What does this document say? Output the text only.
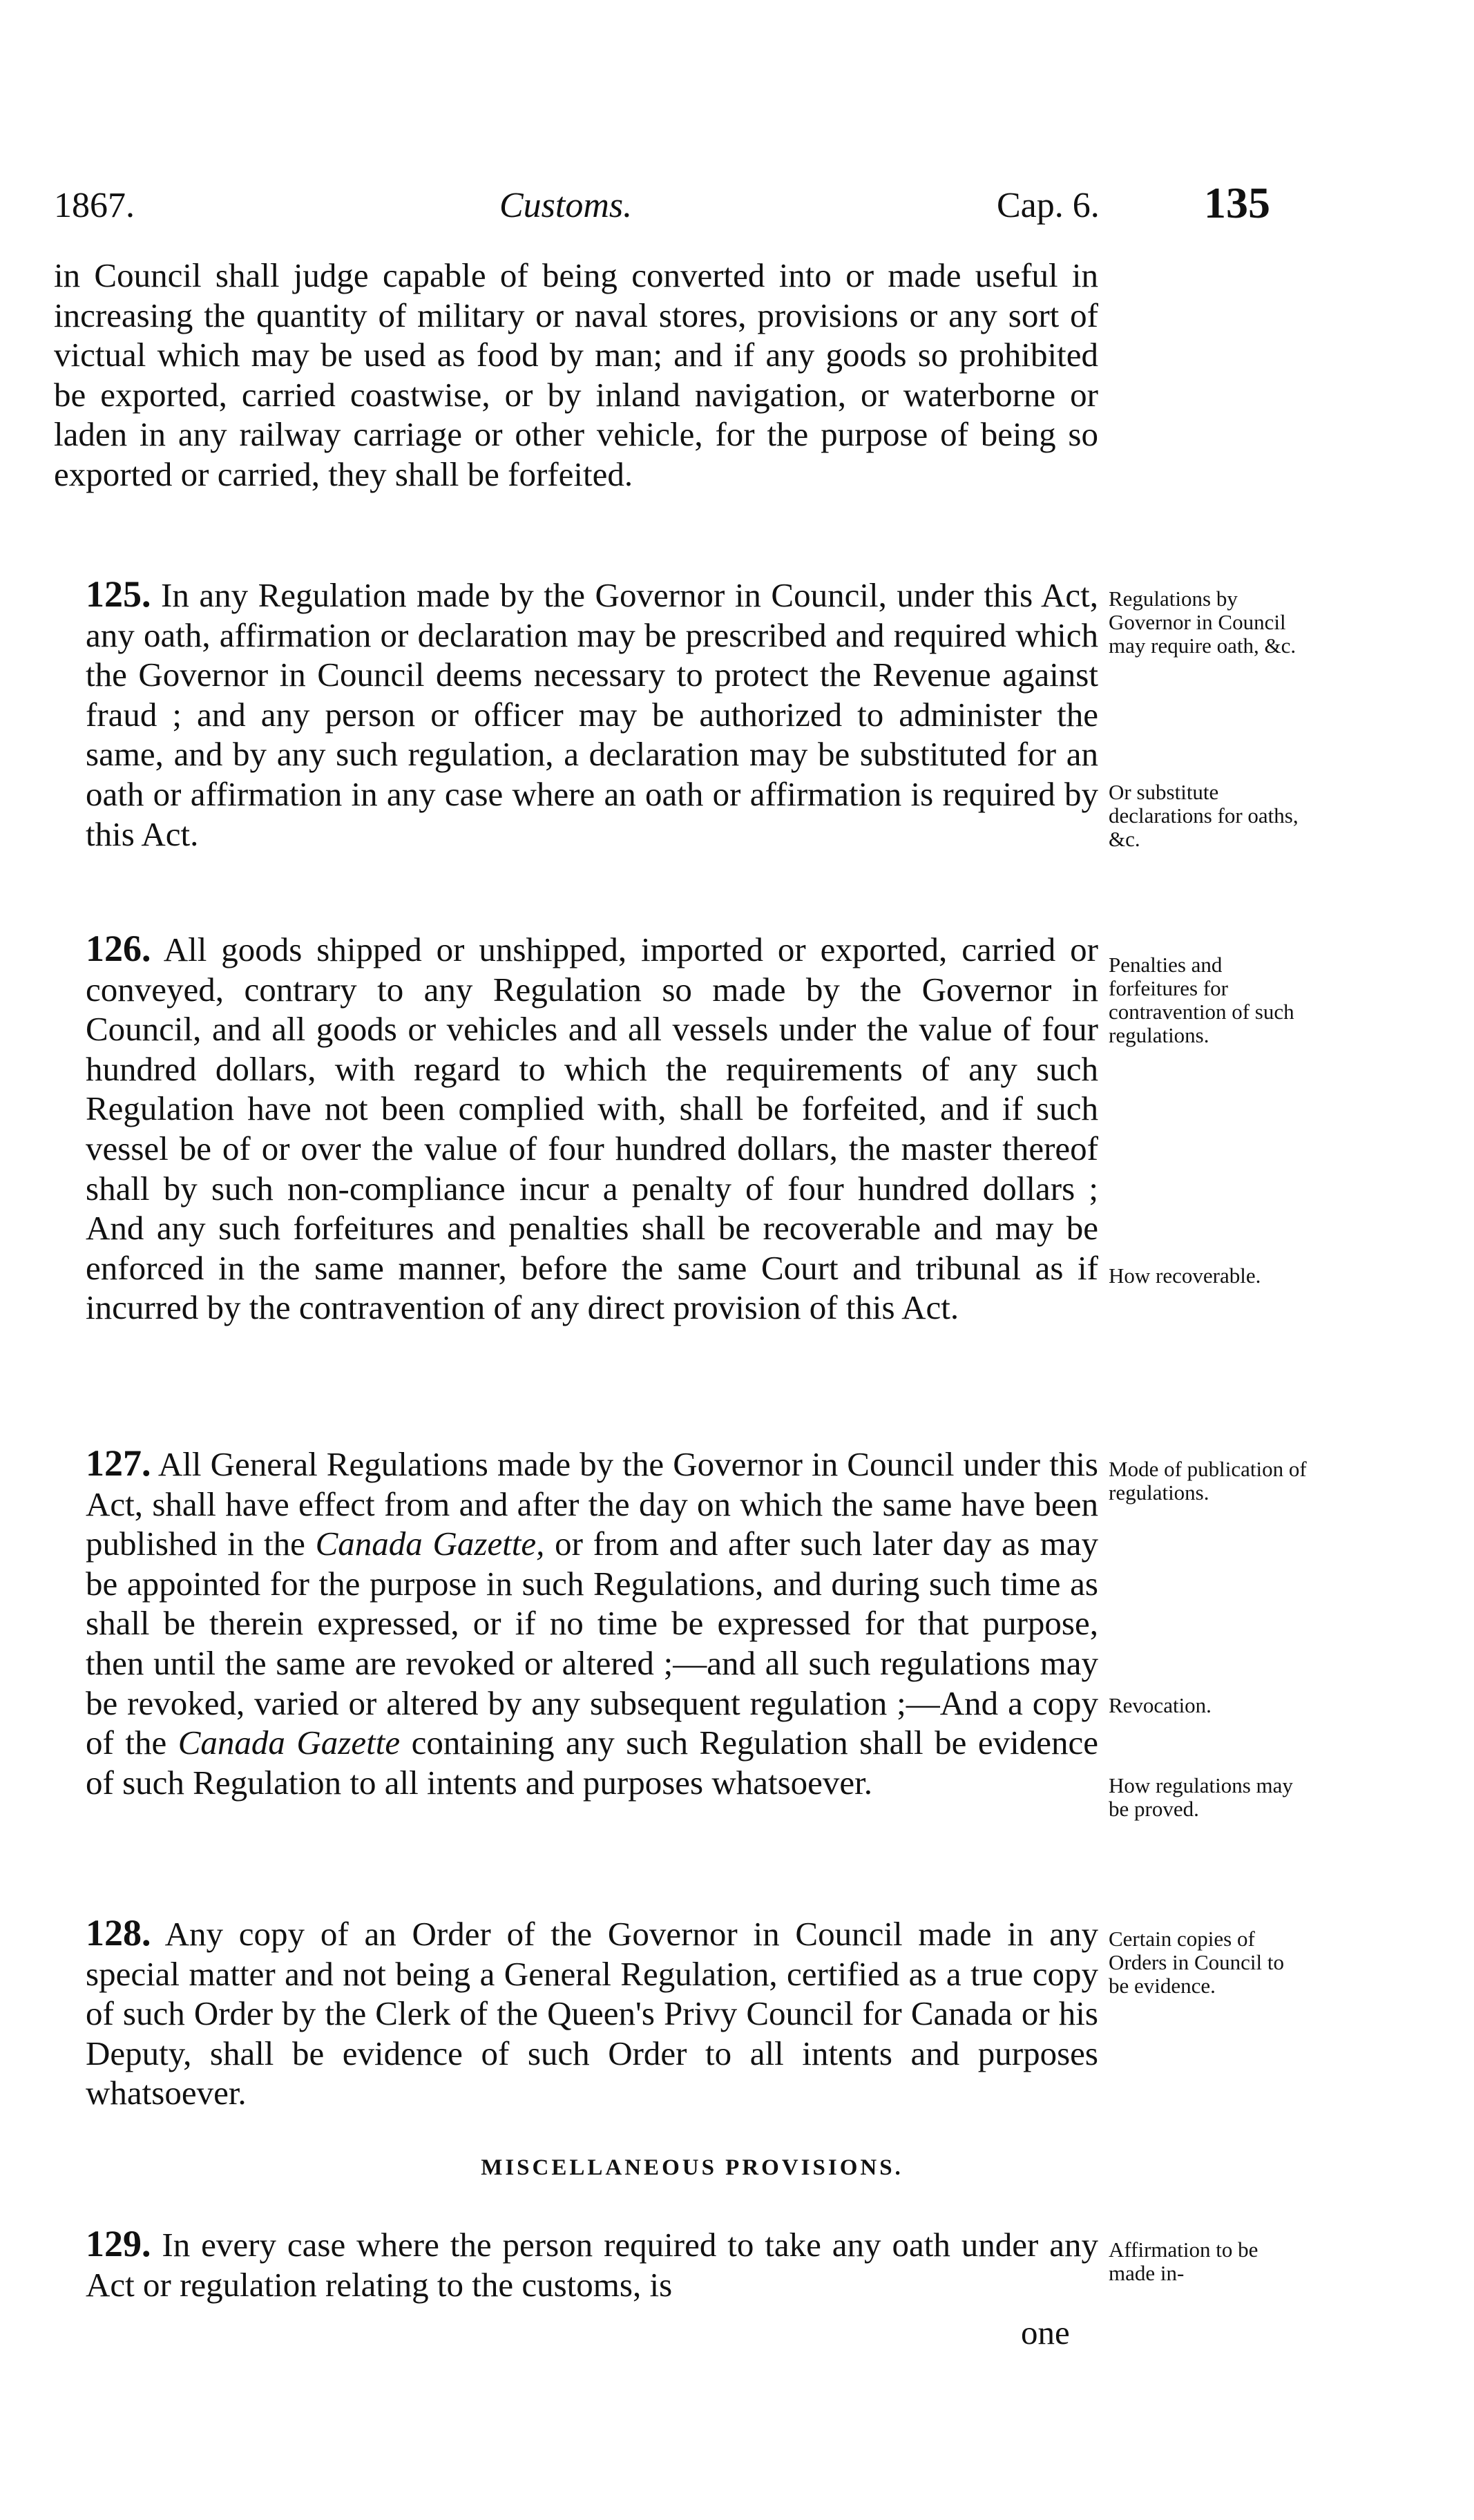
1867.	Customs.	Cap. 6. 135

in Council shall judge capable of being converted into or made useful in increasing the quantity of military or naval stores, provisions or any sort of victual which may be used as food by man; and if any goods so prohibited be exported, carried coastwise, or by inland navigation, or waterborne or laden in any railway carriage or other vehicle, for the purpose of being so exported or carried, they shall be forfeited.

125. In any Regulation made by the Governor in Council, under this Act, any oath, affirmation or declaration may be prescribed and required which the Governor in Council deems necessary to protect the Revenue against fraud ; and any person or officer may be authorized to administer the same, and by any such regulation, a declaration may be substituted for an oath or affirmation in any case where an oath or affirmation is required by this Act.

Regulations by Governor in Council may require oath, &c.

Or substitute declarations for oaths, &c.

126. All goods shipped or unshipped, imported or exported, carried or conveyed, contrary to any Regulation so made by the Governor in Council, and all goods or vehicles and all vessels under the value of four hundred dollars, with regard to which the requirements of any such Regulation have not been complied with, shall be forfeited, and if such vessel be of or over the value of four hundred dollars, the master thereof shall by such non-compliance incur a penalty of four hundred dollars ; And any such forfeitures and penalties shall be recoverable and may be enforced in the same manner, before the same Court and tribunal as if incurred by the contravention of any direct provision of this Act.

Penalties and forfeitures for contravention of such regulations.

How recoverable.

127. All General Regulations made by the Governor in Council under this Act, shall have effect from and after the day on which the same have been published in the Canada Gazette, or from and after such later day as may be appointed for the purpose in such Regulations, and during such time as shall be therein expressed, or if no time be expressed for that purpose, then until the same are revoked or altered ;—and all such regulations may be revoked, varied or altered by any subsequent regulation ;—And a copy of the Canada Gazette containing any such Regulation shall be evidence of such Regulation to all intents and purposes whatsoever.

Mode of publication of regulations.

Revocation.

How regulations may be proved.

128. Any copy of an Order of the Governor in Council made in any special matter and not being a General Regulation, certified as a true copy of such Order by the Clerk of the Queen's Privy Council for Canada or his Deputy, shall be evidence of such Order to all intents and purposes whatsoever.

Certain copies of Orders in Council to be evidence.

MISCELLANEOUS PROVISIONS.

129. In every case where the person required to take any oath under any Act or regulation relating to the customs, is

Affirmation to be made in-

one
